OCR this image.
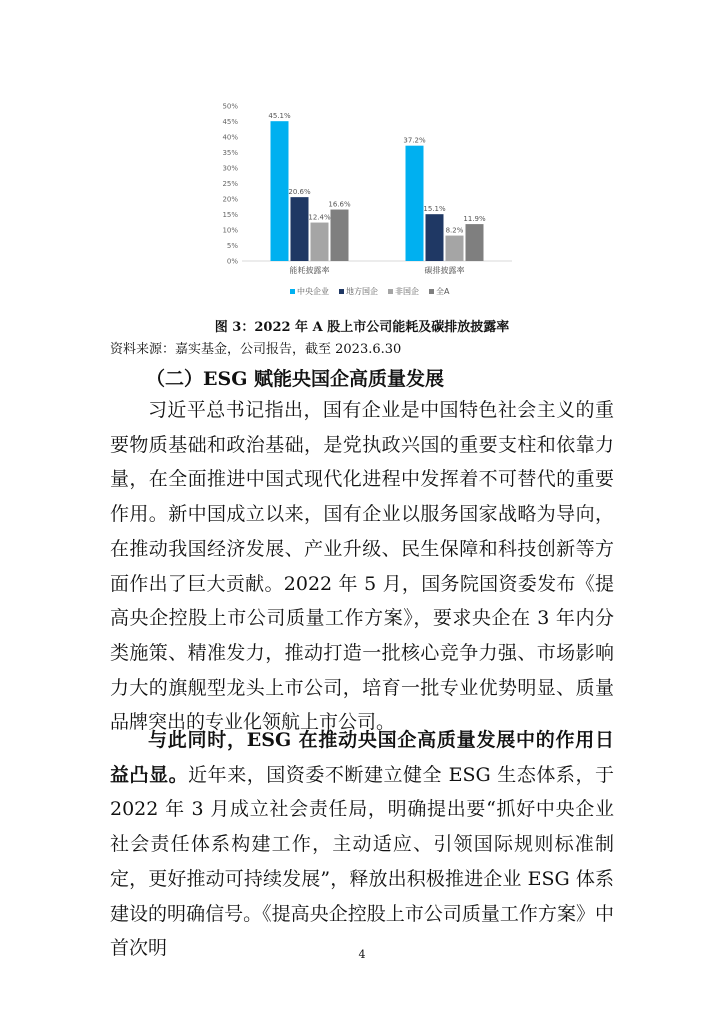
0%
5%
10%
15%
20%
25%
30%
35%
40%
45%
50%
45.1%
20.6%
12.4%
16.6%
能耗披露率
37.2%
15.1%
8.2%
11.9%
碳排披露率
中央企业 地方国企 非国企 全A
图 3：2022 年 A 股上市公司能耗及碳排放披露率
资料来源：嘉实基金，公司报告，截至 2023.6.30
（二）ESG 赋能央国企高质量发展
习近平总书记指出，国有企业是中国特色社会主义的重要物质基础和政治基础，是党执政兴国的重要支柱和依靠力量，在全面推进中国式现代化进程中发挥着不可替代的重要作用。新中国成立以来，国有企业以服务国家战略为导向，在推动我国经济发展、产业升级、民生保障和科技创新等方面作出了巨大贡献。2022 年 5 月，国务院国资委发布《提高央企控股上市公司质量工作方案》，要求央企在 3 年内分类施策、精准发力，推动打造一批核心竞争力强、市场影响力大的旗舰型龙头上市公司，培育一批专业优势明显、质量品牌突出的专业化领航上市公司。
与此同时，ESG 在推动央国企高质量发展中的作用日益凸显。近年来，国资委不断建立健全 ESG 生态体系，于 2022 年 3 月成立社会责任局，明确提出要“抓好中央企业社会责任体系构建工作，主动适应、引领国际规则标准制定，更好推动可持续发展”，释放出积极推进企业 ESG 体系建设的明确信号。《提高央企控股上市公司质量工作方案》中首次明	4
